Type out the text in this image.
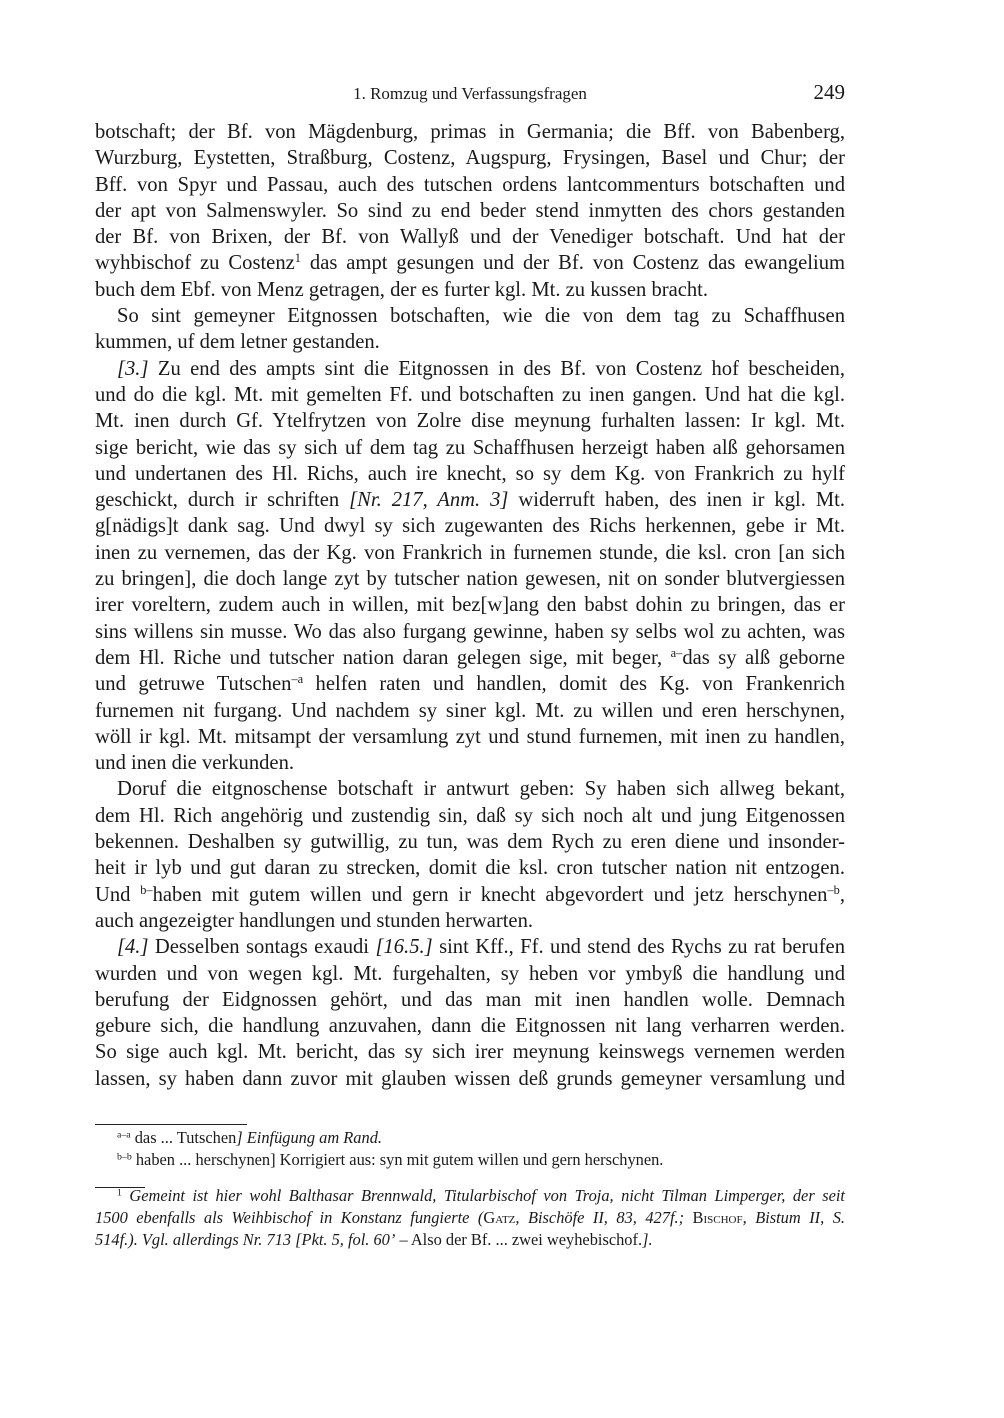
1. Romzug und Verfassungsfragen	249
botschaft; der Bf. von Mägdenburg, primas in Germania; die Bff. von Babenberg,
Wurzburg, Eystetten, Straßburg, Costenz, Augspurg, Frysingen, Basel und Chur; der
Bff. von Spyr und Passau, auch des tutschen ordens lantcommenturs botschaften und
der apt von Salmenswyler. So sind zu end beder stend inmytten des chors gestanden
der Bf. von Brixen, der Bf. von Wallyß und der Venediger botschaft. Und hat der
wyhbischof zu Costenz$^1$ das ampt gesungen und der Bf. von Costenz das ewangelium
buch dem Ebf. von Menz getragen, der es furter kgl. Mt. zu kussen bracht.
So sint gemeyner Eitgnossen botschaften, wie die von dem tag zu Schaffhusen
kummen, uf dem letner gestanden.
[3.] Zu end des ampts sint die Eitgnossen in des Bf. von Costenz hof bescheiden,
und do die kgl. Mt. mit gemelten Ff. und botschaften zu inen gangen. Und hat die kgl.
Mt. inen durch Gf. Ytelfrytzen von Zolre dise meynung furhalten lassen: Ir kgl. Mt.
sige bericht, wie das sy sich uf dem tag zu Schaffhusen herzeigt haben alß gehorsamen
und undertanen des Hl. Richs, auch ire knecht, so sy dem Kg. von Frankrich zu hylf
geschickt, durch ir schriften [Nr. 217, Anm. 3] widerruft haben, des inen ir kgl. Mt.
g[nädigs]t dank sag. Und dwyl sy sich zugewanten des Richs herkennen, gebe ir Mt.
inen zu vernemen, das der Kg. von Frankrich in furnemen stunde, die ksl. cron [an sich
zu bringen], die doch lange zyt by tutscher nation gewesen, nit on sonder blutvergiessen
irer voreltern, zudem auch in willen, mit bez[w]ang den babst dohin zu bringen, das er
sins willens sin musse. Wo das also furgang gewinne, haben sy selbs wol zu achten, was
dem Hl. Riche und tutscher nation daran gelegen sige, mit beger, $^{a-}$das sy alß geborne
und getruwe Tutschen$^{-a}$ helfen raten und handlen, domit des Kg. von Frankenrich
furnemen nit furgang. Und nachdem sy siner kgl. Mt. zu willen und eren herschynen,
wöll ir kgl. Mt. mitsampt der versamlung zyt und stund furnemen, mit inen zu handlen,
und inen die verkunden.
Doruf die eitgnoschense botschaft ir antwurt geben: Sy haben sich allweg bekant,
dem Hl. Rich angehörig und zustendig sin, daß sy sich noch alt und jung Eitgenossen
bekennen. Deshalben sy gutwillig, zu tun, was dem Rych zu eren diene und insonder-
heit ir lyb und gut daran zu strecken, domit die ksl. cron tutscher nation nit entzogen.
Und $^{b-}$haben mit gutem willen und gern ir knecht abgevordert und jetz herschynen$^{-b}$,
auch angezeigter handlungen und stunden herwarten.
[4.] Desselben sontags exaudi [16.5.] sint Kff., Ff. und stend des Rychs zu rat berufen
wurden und von wegen kgl. Mt. furgehalten, sy heben vor ymbyß die handlung und
berufung der Eidgnossen gehört, und das man mit inen handlen wolle. Demnach
gebure sich, die handlung anzuvahen, dann die Eitgnossen nit lang verharren werden.
So sige auch kgl. Mt. bericht, das sy sich irer meynung keinswegs vernemen werden
lassen, sy haben dann zuvor mit glauben wissen deß grunds gemeyner versamlung und
$^{a-a}$ das ... Tutschen] Einfügung am Rand.
$^{b-b}$ haben ... herschynen] Korrigiert aus: syn mit gutem willen und gern herschynen.
$^1$ Gemeint ist hier wohl Balthasar Brennwald, Titularbischof von Troja, nicht Tilman Limperger, der seit
1500 ebenfalls als Weihbischof in Konstanz fungierte (Gatz, Bischöfe II, 83, 427f.; Bischof, Bistum II, S.
514f.). Vgl. allerdings Nr. 713 [Pkt. 5, fol. 60’ – Also der Bf. ... zwei weyhebischof.].
